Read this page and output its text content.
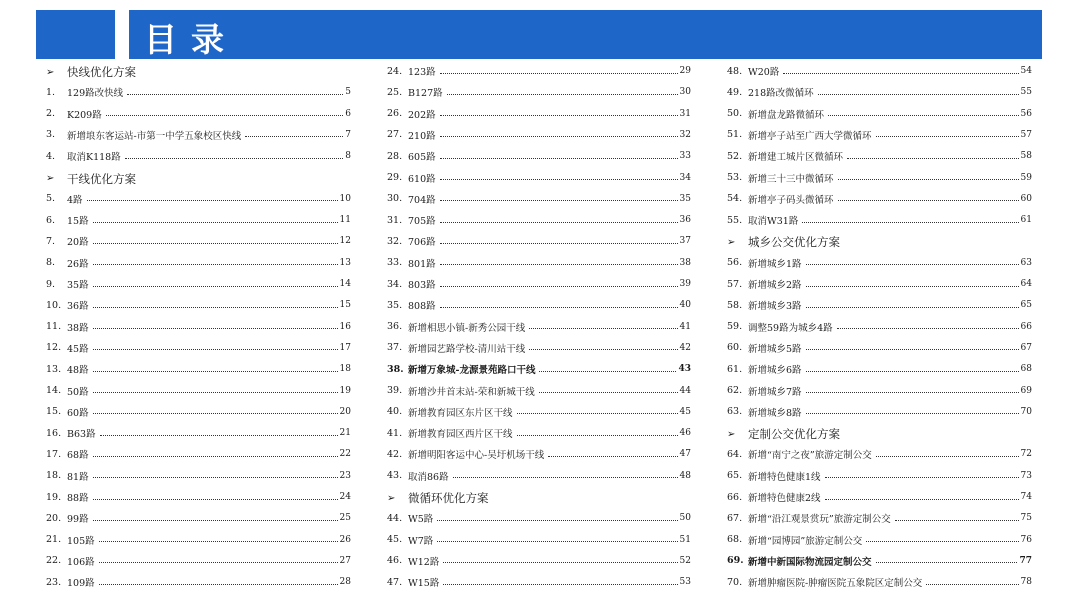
目录
➢	快线优化方案
1.	129路改快线	5
2.	K209路	6
3.	新增埌东客运站-市第一中学五象校区快线	7
4.	取消K118路	8
➢	干线优化方案
5.	4路	10
6.	15路	11
7.	20路	12
8.	26路	13
9.	35路	14
10. 36路	15
11. 38路	16
12. 45路	17
13. 48路	18
14. 50路	19
15. 60路	20
16. B63路	21
17. 68路	22
18. 81路	23
19. 88路	24
20. 99路	25
21. 105路	26
22. 106路	27
23. 109路	28
24. 123路	29
25. B127路	30
26. 202路	31
27. 210路	32
28. 605路	33
29. 610路	34
30. 704路	35
31. 705路	36
32. 706路	37
33. 801路	38
34. 803路	39
35. 808路	40
36. 新增相思小镇-新秀公园干线	41
37. 新增园艺路学校-清川站干线	42
38. 新增万象城-龙源景苑路口干线	43
39. 新增沙井首末站-荣和新城干线	44
40. 新增教育园区东片区干线	45
41. 新增教育园区西片区干线	46
42. 新增明阳客运中心-吴圩机场干线	47
43. 取消86路	48
➢	微循环优化方案
44. W5路	50
45. W7路	51
46. W12路	52
47. W15路	53
48. W20路	54
49. 218路改微循环	55
50. 新增盘龙路微循环	56
51. 新增亭子站至广西大学微循环	57
52. 新增建工城片区微循环	58
53. 新增三十三中微循环	59
54. 新增亭子码头微循环	60
55. 取消W31路	61
➢	城乡公交优化方案
56. 新增城乡1路	63
57. 新增城乡2路	64
58. 新增城乡3路	65
59. 调整59路为城乡4路	66
60. 新增城乡5路	67
61. 新增城乡6路	68
62. 新增城乡7路	69
63. 新增城乡8路	70
➢	定制公交优化方案
64. 新增“南宁之夜”旅游定制公交	72
65. 新增特色健康1线	73
66. 新增特色健康2线	74
67. 新增“沿江观景赏玩”旅游定制公交	75
68. 新增“园博园”旅游定制公交	76
69. 新增中新国际物流园定制公交	77
70. 新增肿瘤医院-肿瘤医院五象院区定制公交	78
